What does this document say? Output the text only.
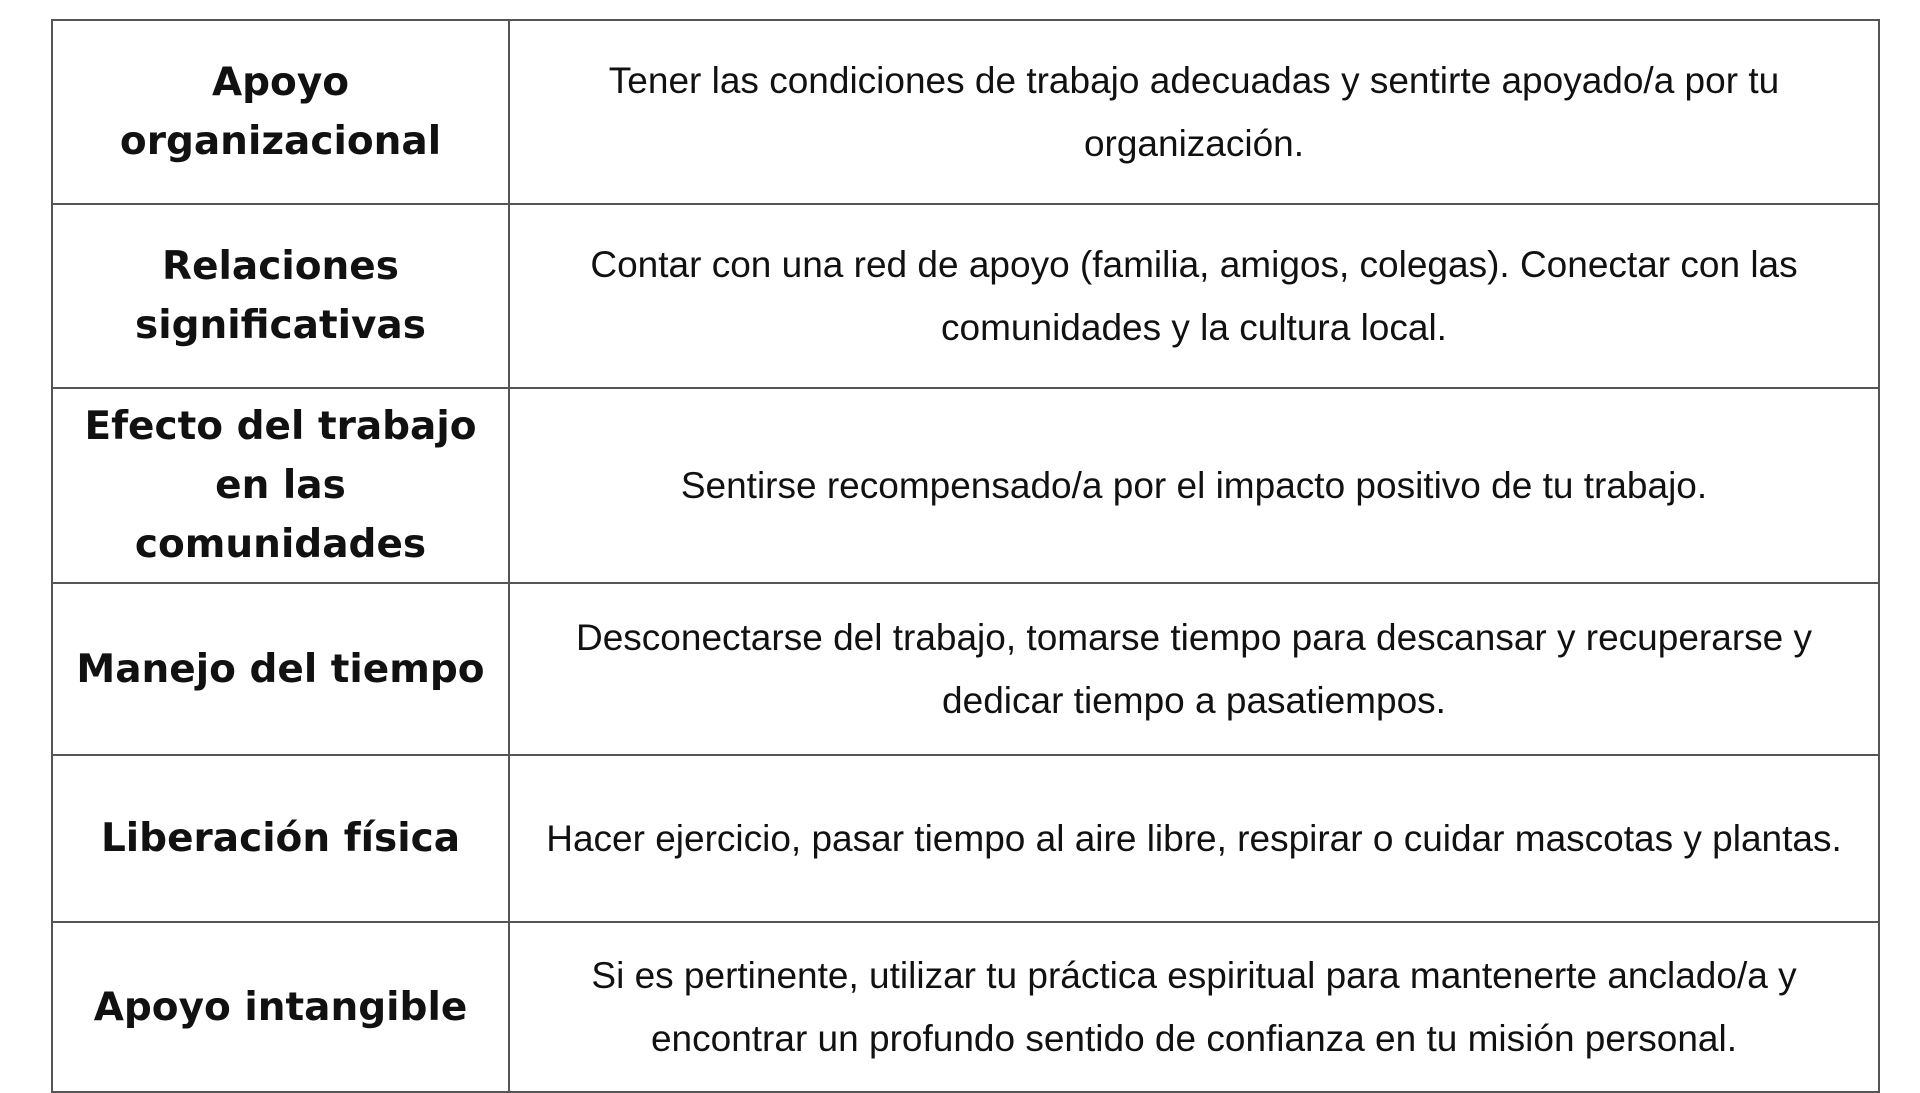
Apoyo organizacional	Tener las condiciones de trabajo adecuadas y sentirte apoyado/a por tu organización.
Relaciones significativas	Contar con una red de apoyo (familia, amigos, colegas). Conectar con las comunidades y la cultura local.
Efecto del trabajo en las comunidades	Sentirse recompensado/a por el impacto positivo de tu trabajo.
Manejo del tiempo	Desconectarse del trabajo, tomarse tiempo para descansar y recuperarse y dedicar tiempo a pasatiempos.
Liberación física	Hacer ejercicio, pasar tiempo al aire libre, respirar o cuidar mascotas y plantas.
Apoyo intangible	Si es pertinente, utilizar tu práctica espiritual para mantenerte anclado/a y encontrar un profundo sentido de confianza en tu misión personal.
